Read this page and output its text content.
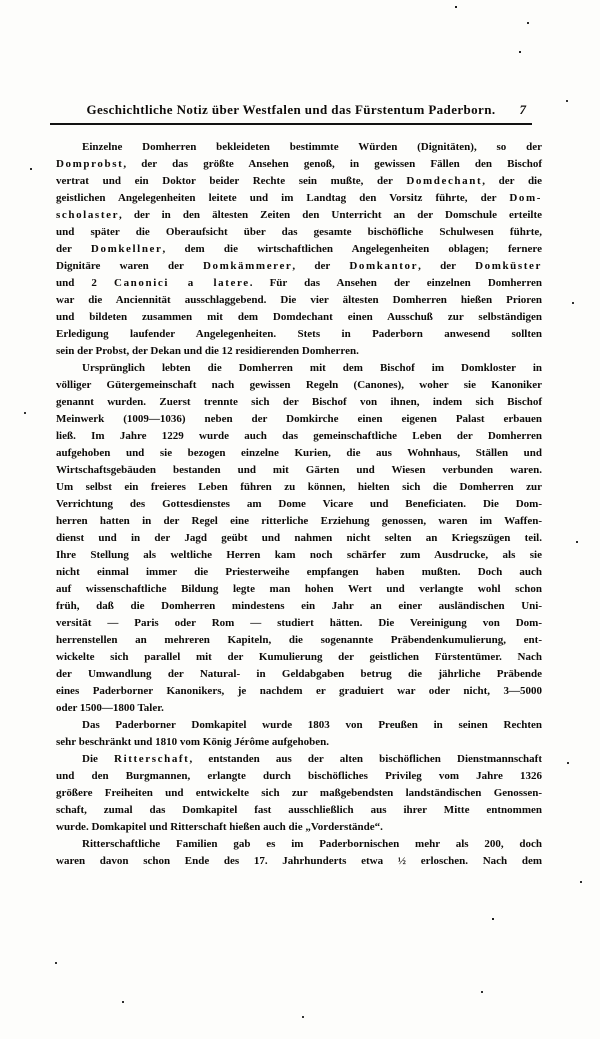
Geschichtliche Notiz über Westfalen und das Fürstentum Paderborn.	7

Einzelne Domherren bekleideten bestimmte Würden (Dignitäten), so der
Domprobst, der das größte Ansehen genoß, in gewissen Fällen den Bischof
vertrat und ein Doktor beider Rechte sein mußte, der Domdechant, der die
geistlichen Angelegenheiten leitete und im Landtag den Vorsitz führte, der Dom-
scholaster, der in den ältesten Zeiten den Unterricht an der Domschule erteilte
und später die Oberaufsicht über das gesamte bischöfliche Schulwesen führte,
der Domkellner, dem die wirtschaftlichen Angelegenheiten oblagen; fernere
Dignitäre waren der Domkämmerer, der Domkantor, der Domküster
und 2 Canonici a latere. Für das Ansehen der einzelnen Domherren
war die Anciennität ausschlaggebend. Die vier ältesten Domherren hießen Prioren
und bildeten zusammen mit dem Domdechant einen Ausschuß zur selbständigen
Erledigung laufender Angelegenheiten. Stets in Paderborn anwesend sollten
sein der Probst, der Dekan und die 12 residierenden Domherren.

Ursprünglich lebten die Domherren mit dem Bischof im Domkloster in
völliger Gütergemeinschaft nach gewissen Regeln (Canones), woher sie Kanoniker
genannt wurden. Zuerst trennte sich der Bischof von ihnen, indem sich Bischof
Meinwerk (1009—1036) neben der Domkirche einen eigenen Palast erbauen
ließ. Im Jahre 1229 wurde auch das gemeinschaftliche Leben der Domherren
aufgehoben und sie bezogen einzelne Kurien, die aus Wohnhaus, Ställen und
Wirtschaftsgebäuden bestanden und mit Gärten und Wiesen verbunden waren.
Um selbst ein freieres Leben führen zu können, hielten sich die Domherren zur
Verrichtung des Gottesdienstes am Dome Vicare und Beneficiaten. Die Dom-
herren hatten in der Regel eine ritterliche Erziehung genossen, waren im Waffen-
dienst und in der Jagd geübt und nahmen nicht selten an Kriegszügen teil.
Ihre Stellung als weltliche Herren kam noch schärfer zum Ausdrucke, als sie
nicht einmal immer die Priesterweihe empfangen haben mußten. Doch auch
auf wissenschaftliche Bildung legte man hohen Wert und verlangte wohl schon
früh, daß die Domherren mindestens ein Jahr an einer ausländischen Uni-
versität — Paris oder Rom — studiert hätten. Die Vereinigung von Dom-
herrenstellen an mehreren Kapiteln, die sogenannte Präbendenkumulierung, ent-
wickelte sich parallel mit der Kumulierung der geistlichen Fürstentümer. Nach
der Umwandlung der Natural- in Geldabgaben betrug die jährliche Präbende
eines Paderborner Kanonikers, je nachdem er graduiert war oder nicht, 3—5000
oder 1500—1800 Taler.

Das Paderborner Domkapitel wurde 1803 von Preußen in seinen Rechten
sehr beschränkt und 1810 vom König Jérôme aufgehoben.

Die Ritterschaft, entstanden aus der alten bischöflichen Dienstmannschaft
und den Burgmannen, erlangte durch bischöfliches Privileg vom Jahre 1326
größere Freiheiten und entwickelte sich zur maßgebendsten landständischen Genossen-
schaft, zumal das Domkapitel fast ausschließlich aus ihrer Mitte entnommen
wurde. Domkapitel und Ritterschaft hießen auch die „Vorderstände“.

Ritterschaftliche Familien gab es im Paderbornischen mehr als 200, doch
waren davon schon Ende des 17. Jahrhunderts etwa ½ erloschen. Nach dem
